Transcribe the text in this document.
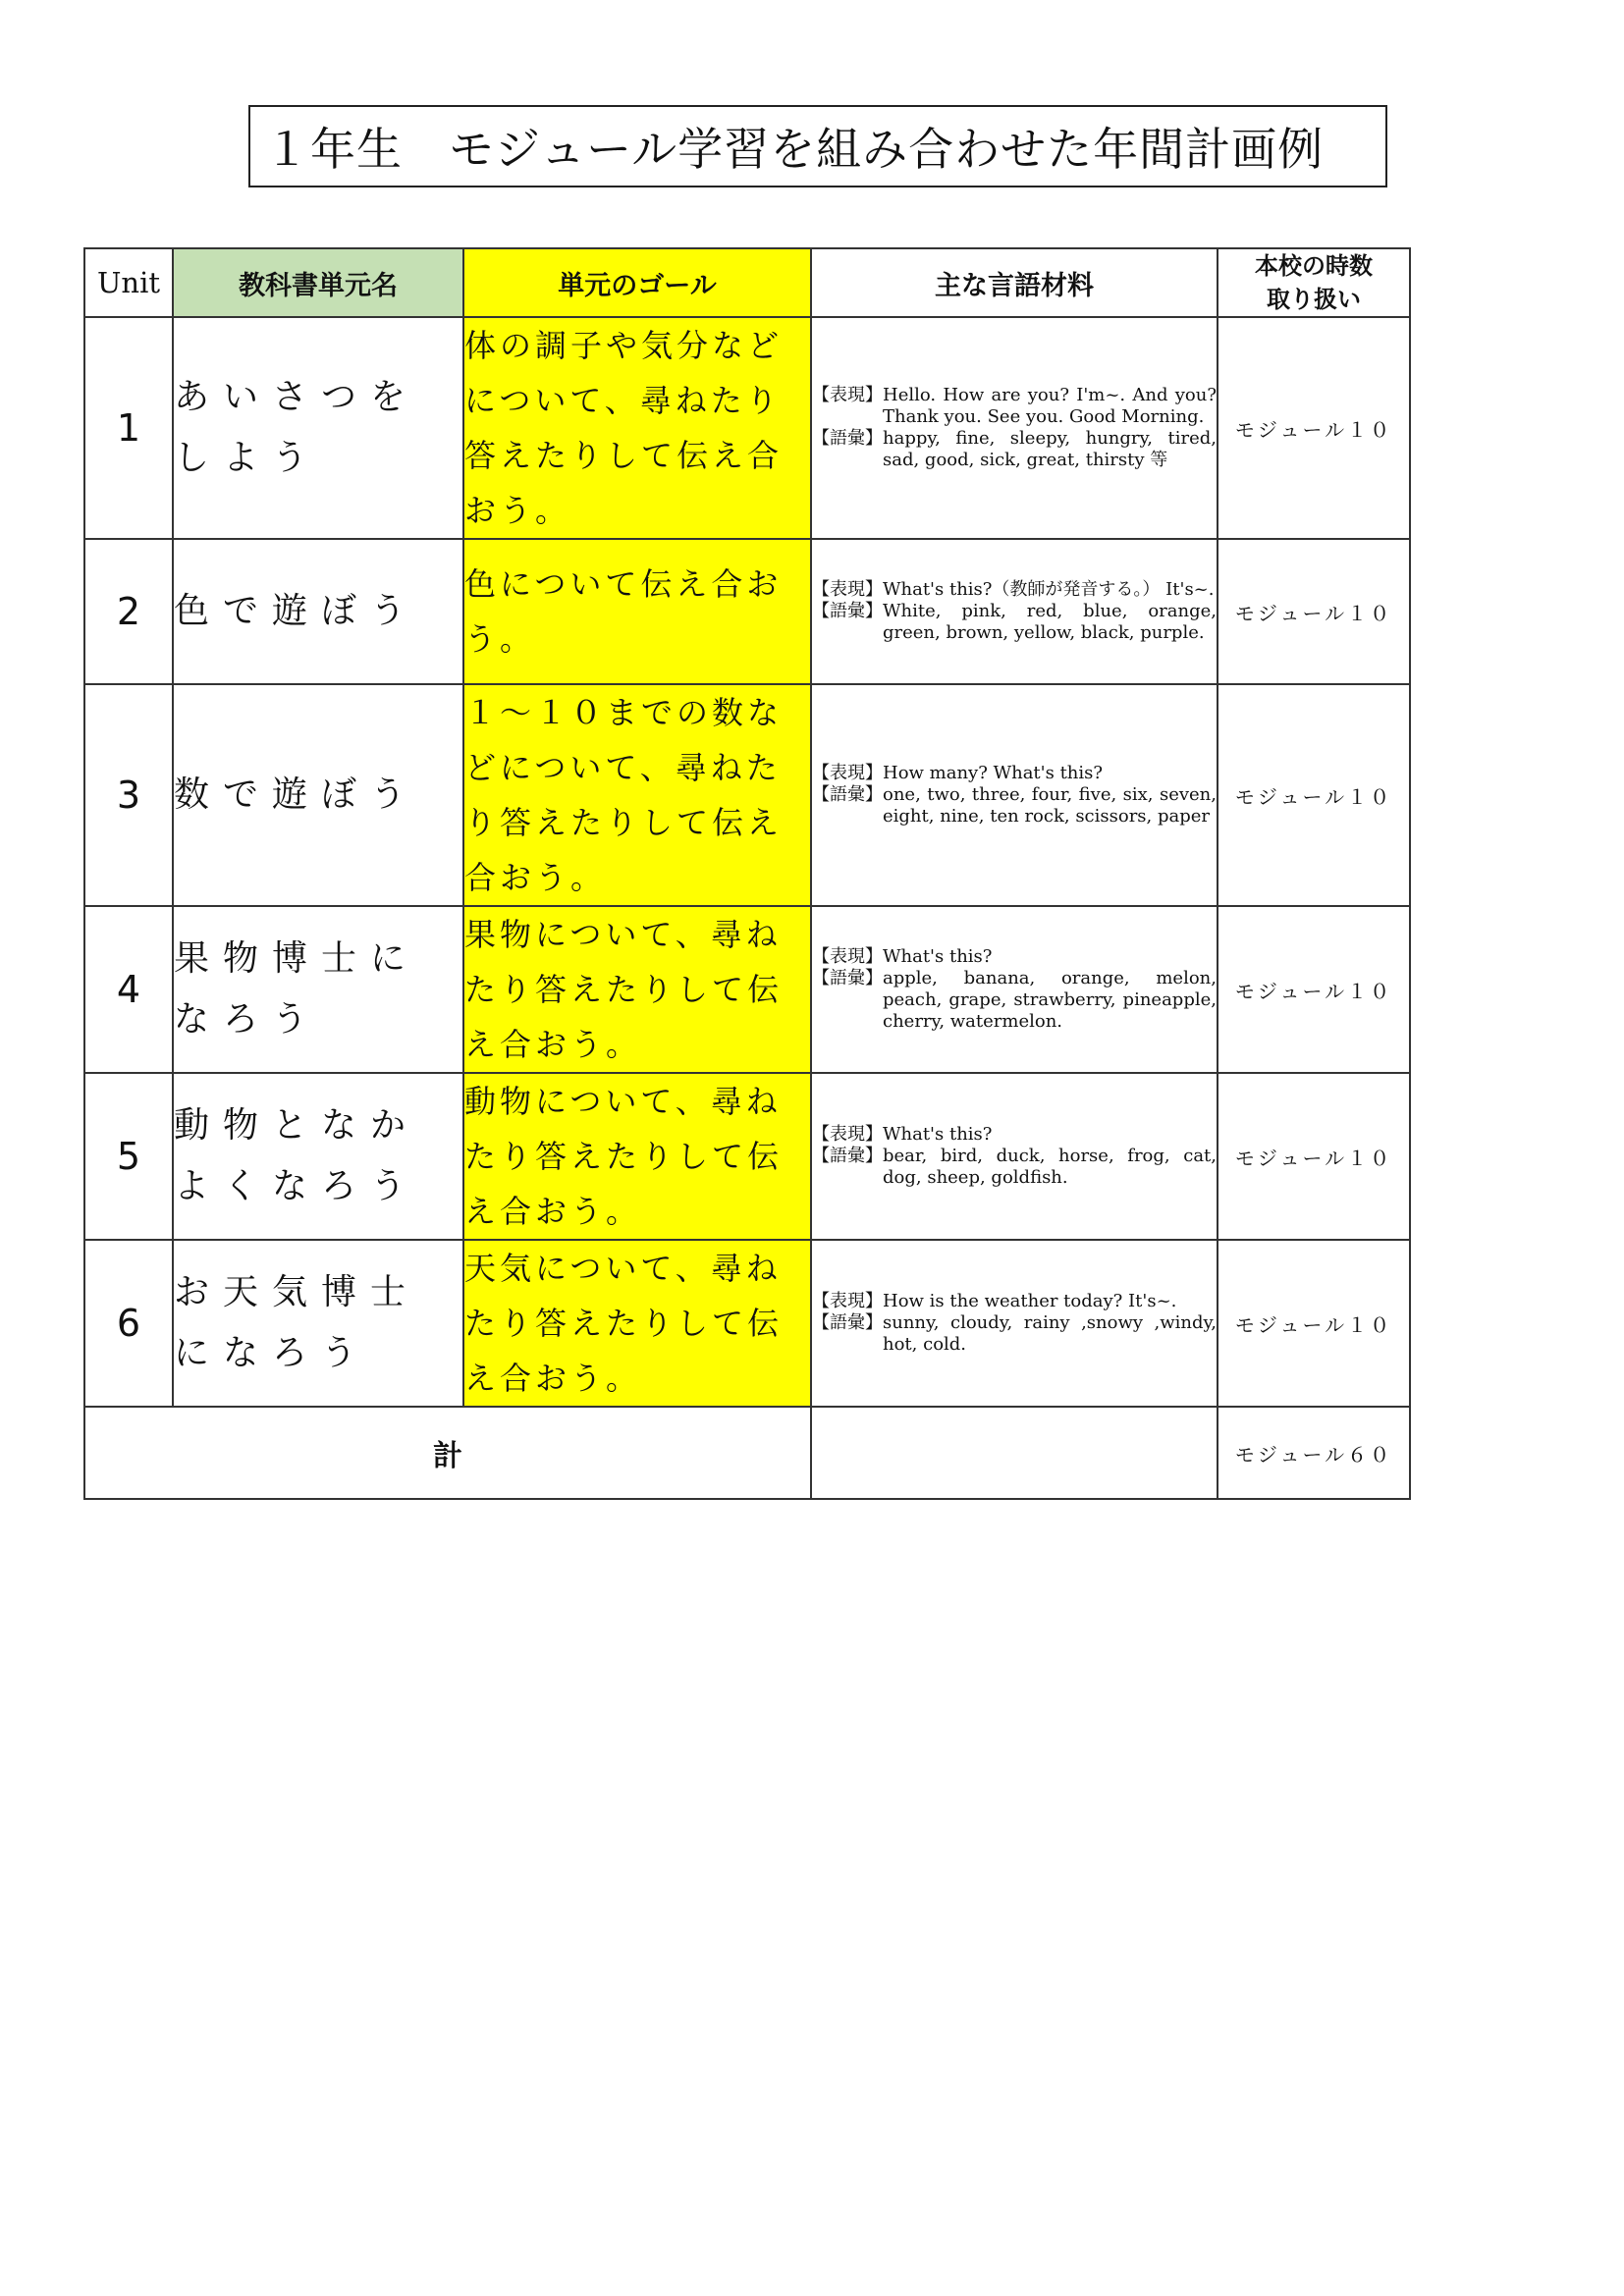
１年生　モジュール学習を組み合わせた年間計画例
Unit	教科書単元名	単元のゴール	主な言語材料	本校の時数
取り扱い

1	あいさつをしよう	体の調子や気分などについて、尋ねたり答えたりして伝え合おう。	【表現】 Hello. How are you? I'm~. And you? Thank you. See you. Good Morning.
【語彙】 happy, fine, sleepy, hungry, tired, sad, good, sick, great, thirsty 等	モジュール１０
2	色で遊ぼう	色について伝え合おう。	【表現】 What's this?（教師が発音する。） It's~.
【語彙】 White, pink, red, blue, orange, green, brown, yellow, black, purple.	モジュール１０
3	数で遊ぼう	１～１０までの数などについて、尋ねたり答えたりして伝え合おう。	【表現】 How many? What's this?
【語彙】 one, two, three, four, five, six, seven, eight, nine, ten rock, scissors, paper	モジュール１０
4	果物博士になろう	果物について、尋ねたり答えたりして伝え合おう。	【表現】 What's this?
【語彙】 apple, banana, orange, melon, peach, grape, strawberry, pineapple, cherry, watermelon.	モジュール１０
5	動物となかよくなろう	動物について、尋ねたり答えたりして伝え合おう。	【表現】 What's this?
【語彙】 bear, bird, duck, horse, frog, cat, dog, sheep, goldfish.	モジュール１０
6	お天気博士になろう	天気について、尋ねたり答えたりして伝え合おう。	【表現】 How is the weather today? It's~.
【語彙】 sunny, cloudy, rainy ,snowy ,windy, hot, cold.	モジュール１０
計				モジュール６０
